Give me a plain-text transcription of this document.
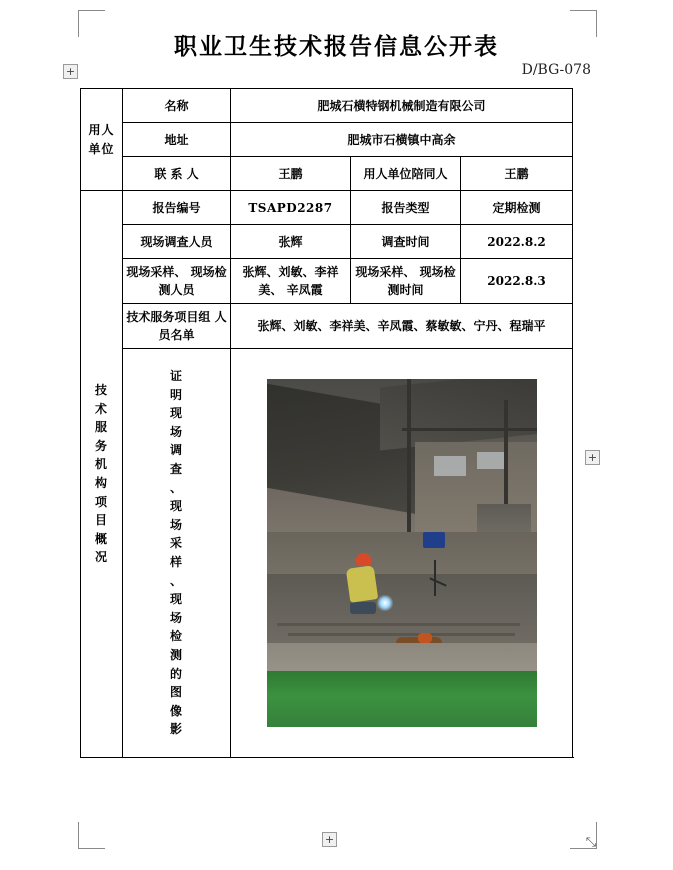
+
+
+	⤡
职业卫生技术报告信息公开表
D/BG-078
用人
单位	名称	肥城石横特钢机械制造有限公司		
	地址	肥城市石横镇中高余		
	联 系 人	王鹏	用人单位陪同人	王鹏

技
术
服
务
机
构
项
目
概
况
	报告编号	TSAPD2287	报告类型	定期检测
	现场调查人员	张辉	调查时间	2022.8.2
	现场采样、 现场检测人员	张辉、刘敏、李祥美、 辛凤霞	现场采样、 现场检测时间	2022.8.3
	技术服务项目组 人员名单	张辉、刘敏、李祥美、辛凤霞、蔡敏敏、宁丹、程瑞平		

证
明
现
场
调
查
、
现
场
采
样
、
现
场
检
测
的
图
像
影
